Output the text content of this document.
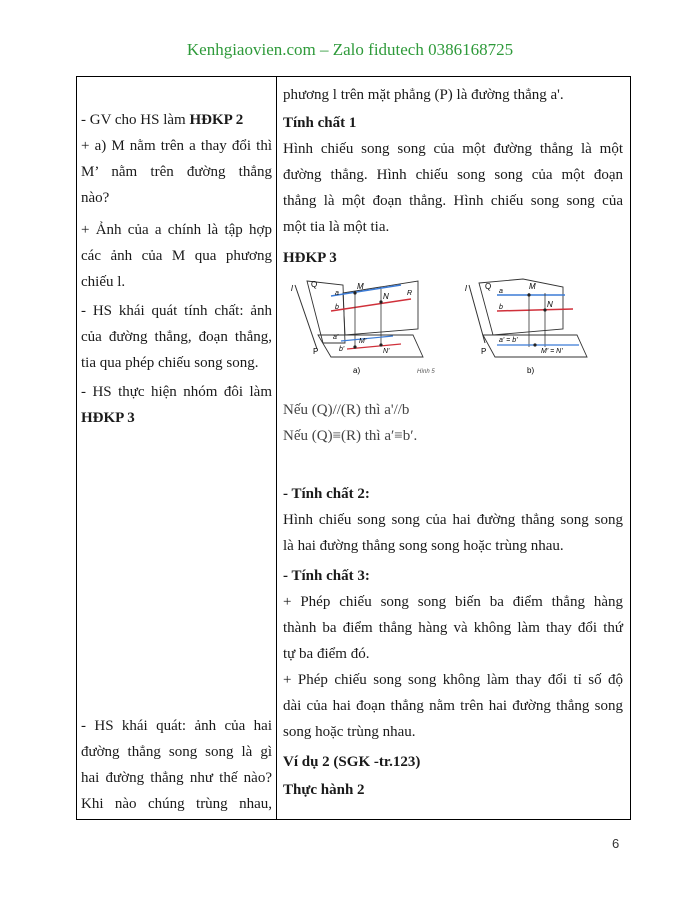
Kenhgiaovien.com – Zalo fidutech 0386168725

- GV cho HS làm HĐKP 2

+ a) M nằm trên a thay đổi thì

M’ nằm trên đường thẳng

nào?

+ Ảnh của a chính là tập hợp

các ảnh của M qua phương

chiếu l.

- HS khái quát tính chất: ảnh

của đường thẳng, đoạn thẳng,

tia qua phép chiếu song song.

- HS thực hiện nhóm đôi làm

HĐKP 3

- HS khái quát: ảnh của hai

đường thẳng song song là gì

hai đường thẳng như thế nào?

Khi nào chúng trùng nhau,

phương l trên mặt phẳng (P) là đường thẳng a'.

Tính chất 1

Hình chiếu song song của một đường thẳng là một

đường thẳng. Hình chiếu song song của một đoạn

thẳng là một đoạn thẳng. Hình chiếu song song của

một tia là một tia.

HĐKP 3

l Q
P
M
N
a
b
a'
b'
M'
N'
R
a)	Hình 5
l Q
P
M
N
a
b
a' = b'
M' = N'
b)

Nếu (Q)//(R) thì a'//b

Nếu (Q)≡(R) thì a′≡b′.

- Tính chất 2:

Hình chiếu song song của hai đường thẳng song song

là hai đường thẳng song song hoặc trùng nhau.

- Tính chất 3:

+ Phép chiếu song song biến ba điểm thẳng hàng

thành ba điểm thẳng hàng và không làm thay đổi thứ

tự ba điểm đó.

+ Phép chiếu song song không làm thay đổi tỉ số độ

dài của hai đoạn thẳng nằm trên hai đường thẳng song

song hoặc trùng nhau.

Ví dụ 2 (SGK -tr.123)

Thực hành 2

6
